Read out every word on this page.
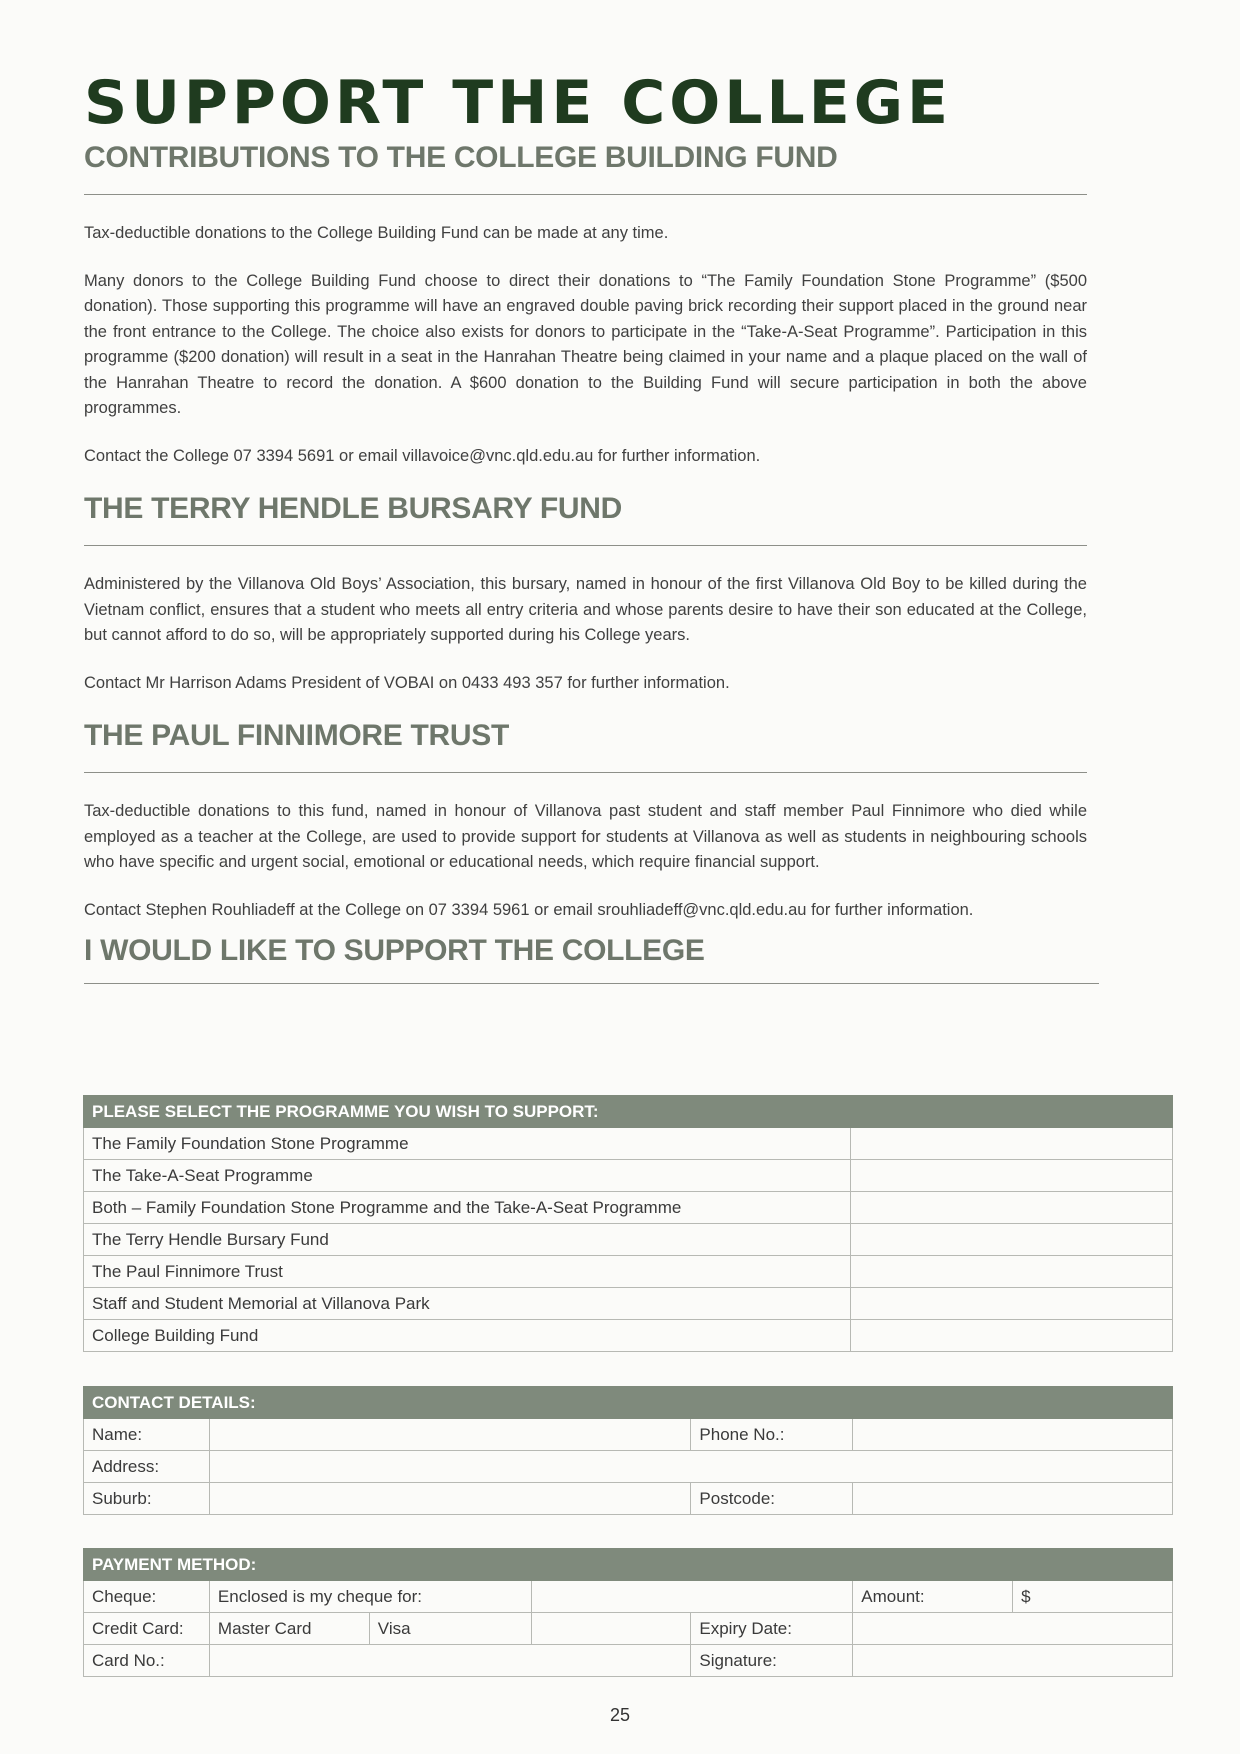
SUPPORT THE COLLEGE
CONTRIBUTIONS TO THE COLLEGE BUILDING FUND

Tax-deductible donations to the College Building Fund can be made at any time.

Many donors to the College Building Fund choose to direct their donations to “The Family Foundation Stone Programme” ($500 donation). Those supporting this programme will have an engraved double paving brick recording their support placed in the ground near the front entrance to the College. The choice also exists for donors to participate in the “Take-A-Seat Programme”. Participation in this programme ($200 donation) will result in a seat in the Hanrahan Theatre being claimed in your name and a plaque placed on the wall of the Hanrahan Theatre to record the donation. A $600 donation to the Building Fund will secure participation in both the above programmes.

Contact the College 07 3394 5691 or email villavoice@vnc.qld.edu.au for further information.

THE TERRY HENDLE BURSARY FUND

Administered by the Villanova Old Boys’ Association, this bursary, named in honour of the first Villanova Old Boy to be killed during the Vietnam conflict, ensures that a student who meets all entry criteria and whose parents desire to have their son educated at the College, but cannot afford to do so, will be appropriately supported during his College years.

Contact Mr Harrison Adams President of VOBAI on 0433 493 357 for further information.

THE PAUL FINNIMORE TRUST

Tax-deductible donations to this fund, named in honour of Villanova past student and staff member Paul Finnimore who died while employed as a teacher at the College, are used to provide support for students at Villanova as well as students in neighbouring schools who have specific and urgent social, emotional or educational needs, which require financial support.

Contact Stephen Rouhliadeff at the College on 07 3394 5961 or email srouhliadeff@vnc.qld.edu.au for further information.

I WOULD LIKE TO SUPPORT THE COLLEGE
PLEASE SELECT THE PROGRAMME YOU WISH TO SUPPORT:	
The Family Foundation Stone Programme	
The Take-A-Seat Programme	
Both – Family Foundation Stone Programme and the Take-A-Seat Programme	
The Terry Hendle Bursary Fund	
The Paul Finnimore Trust	
Staff and Student Memorial at Villanova Park	
College Building Fund	
CONTACT DETAILS:			
Name:		Phone No.:	
Address:			
Suburb:		Postcode:	
PAYMENT METHOD:						
Cheque:	Enclosed is my cheque for:				Amount:	$
Credit Card:	Master Card	Visa		Expiry Date:		
Card No.:				Signature:		
25
